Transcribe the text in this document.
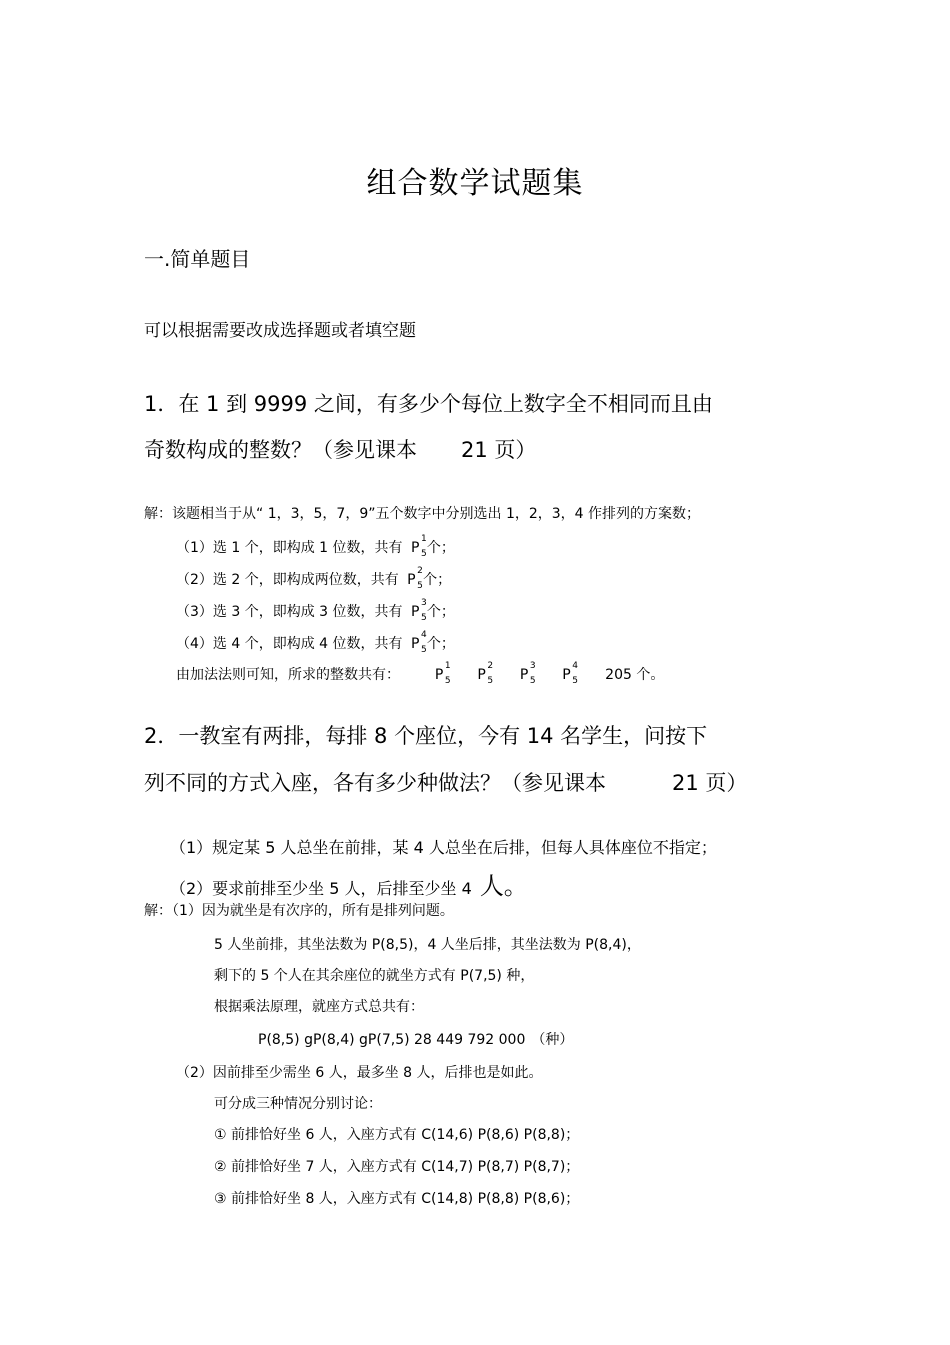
组合数学试题集
一.简单题目
可以根据需要改成选择题或者填空题
1．在 1 到 9999 之间，有多少个每位上数字全不相同而且由
奇数构成的整数？（参见课本 21 页）
解：该题相当于从“ 1，3，5，7，9”五个数字中分别选出 1，2，3，4 作排列的方案数；
（1）选 1 个，即构成 1 位数，共有 P
1
5 个；
（2）选 2 个，即构成两位数，共有 P
2
5 个；
（3）选 3 个，即构成 3 位数，共有 P
3
5 个；
（4）选 4 个，即构成 4 位数，共有 P
4
5 个；
由加法法则可知，所求的整数共有： P
1
5 P
2
5 P
3
5 P
4
5 205 个。
2．一教室有两排，每排 8 个座位，今有 14 名学生，问按下
列不同的方式入座，各有多少种做法？（参见课本	21 页）
（1）规定某 5 人总坐在前排，某 4 人总坐在后排，但每人具体座位不指定；
（2）要求前排至少坐 5 人，后排至少坐 4 人。
解：（1）因为就坐是有次序的，所有是排列问题。
5 人坐前排，其坐法数为 P(8,5)，4 人坐后排，其坐法数为 P(8,4)，
剩下的 5 个人在其余座位的就坐方式有 P(7,5) 种，
根据乘法原理，就座方式总共有：
P(8,5) gP(8,4) gP(7,5) 28 449 792 000 （种）
（2）因前排至少需坐 6 人，最多坐 8 人，后排也是如此。
可分成三种情况分别讨论：
① 前排恰好坐 6 人，入座方式有 C(14,6) P(8,6) P(8,8)；
② 前排恰好坐 7 人，入座方式有 C(14,7) P(8,7) P(8,7)；
③ 前排恰好坐 8 人，入座方式有 C(14,8) P(8,8) P(8,6)；
